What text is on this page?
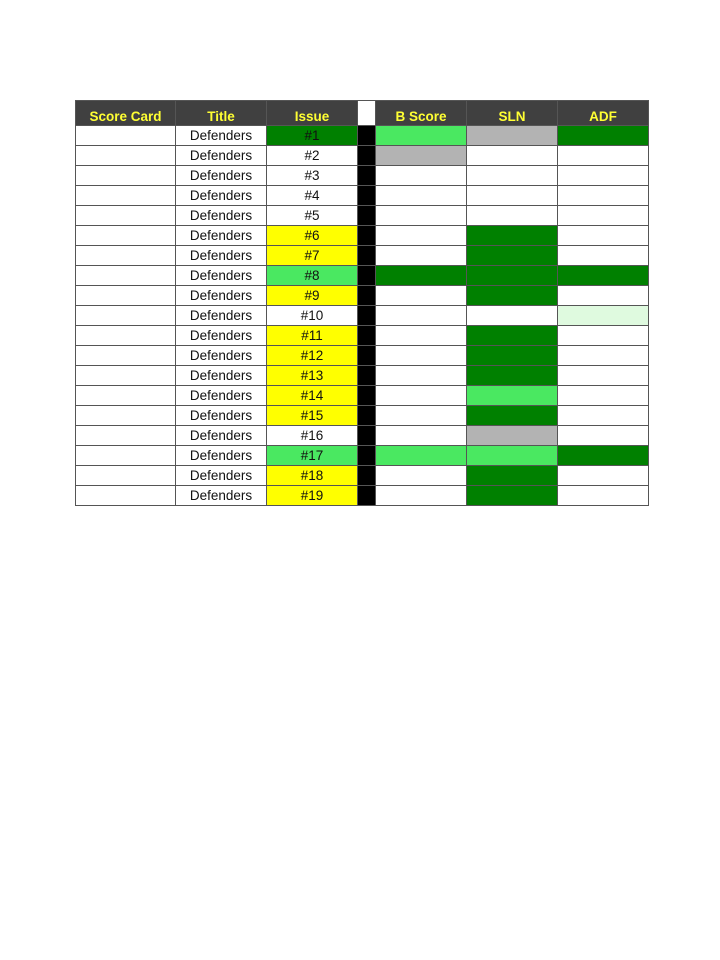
Score Card	Title	Issue		B Score	SLN	ADF
	Defenders	#1				
	Defenders	#2				
	Defenders	#3				
	Defenders	#4				
	Defenders	#5				
	Defenders	#6				
	Defenders	#7				
	Defenders	#8				
	Defenders	#9				
	Defenders	#10				
	Defenders	#11				
	Defenders	#12				
	Defenders	#13				
	Defenders	#14				
	Defenders	#15				
	Defenders	#16				
	Defenders	#17				
	Defenders	#18				
	Defenders	#19				
